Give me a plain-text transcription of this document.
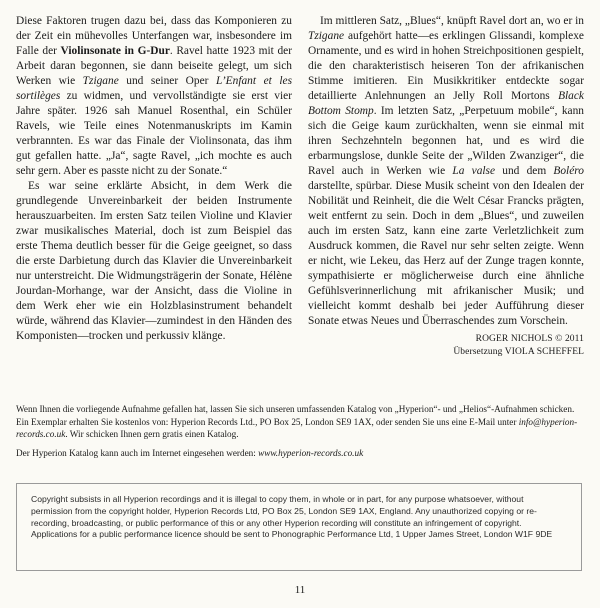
Diese Faktoren trugen dazu bei, dass das Komponieren zu der Zeit ein mühevolles Unterfangen war, insbesondere im Falle der Violinsonate in G-Dur. Ravel hatte 1923 mit der Arbeit daran begonnen, sie dann beiseite gelegt, um sich Werken wie Tzigane und seiner Oper L’Enfant et les sortilèges zu widmen, und vervollständigte sie erst vier Jahre später. 1926 sah Manuel Rosenthal, ein Schüler Ravels, wie Teile eines Notenmanuskripts im Kamin verbrannten. Es war das Finale der Violinsonata, das ihm gut gefallen hatte. „Ja“, sagte Ravel, „ich mochte es auch sehr gern. Aber es passte nicht zu der Sonate.“

Es war seine erklärte Absicht, in dem Werk die grundlegende Unvereinbarkeit der beiden Instrumente herauszuarbeiten. Im ersten Satz teilen Violine und Klavier zwar musikalisches Material, doch ist zum Beispiel das erste Thema deutlich besser für die Geige geeignet, so dass die erste Darbietung durch das Klavier die Unvereinbarkeit nur unterstreicht. Die Widmungsträgerin der Sonate, Hélène Jourdan-Morhange, war der Ansicht, dass die Violine in dem Werk eher wie ein Holzblasinstrument behandelt würde, während das Klavier—zumindest in den Händen des Komponisten—trocken und perkussiv klänge.

Im mittleren Satz, „Blues“, knüpft Ravel dort an, wo er in Tzigane aufgehört hatte—es erklingen Glissandi, komplexe Ornamente, und es wird in hohen Streichpositionen gespielt, die den charakteristisch heiseren Ton der afrikanischen Stimme imitieren. Ein Musikkritiker entdeckte sogar detaillierte Anlehnungen an Jelly Roll Mortons Black Bottom Stomp. Im letzten Satz, „Perpetuum mobile“, kann sich die Geige kaum zurückhalten, wenn sie einmal mit ihren Sechzehnteln begonnen hat, und es wird die erbarmungslose, dunkle Seite der „Wilden Zwanziger“, die Ravel auch in Werken wie La valse und dem Boléro darstellte, spürbar. Diese Musik scheint von den Idealen der Nobilität und Reinheit, die die Welt César Francks prägten, weit entfernt zu sein. Doch in dem „Blues“, und zuweilen auch im ersten Satz, kann eine zarte Verletzlichkeit zum Ausdruck kommen, die Ravel nur sehr selten zeigte. Wenn er nicht, wie Lekeu, das Herz auf der Zunge tragen konnte, sympathisierte er möglicherweise durch eine ähnliche Gefühlsverinnerlichung mit afrikanischer Musik; und vielleicht kommt deshalb bei jeder Aufführung dieser Sonate etwas Neues und Überraschendes zum Vorschein.

ROGER NICHOLS © 2011
Übersetzung VIOLA SCHEFFEL

Wenn Ihnen die vorliegende Aufnahme gefallen hat, lassen Sie sich unseren umfassenden Katalog von „Hyperion“- und „Helios“-Aufnahmen schicken. Ein Exemplar erhalten Sie kostenlos von: Hyperion Records Ltd., PO Box 25, London SE9 1AX, oder senden Sie uns eine E-Mail unter info@hyperion-records.co.uk. Wir schicken Ihnen gern gratis einen Katalog.

Der Hyperion Katalog kann auch im Internet eingesehen werden: www.hyperion-records.co.uk

Copyright subsists in all Hyperion recordings and it is illegal to copy them, in whole or in part, for any purpose whatsoever, without permission from the copyright holder, Hyperion Records Ltd, PO Box 25, London SE9 1AX, England. Any unauthorized copying or re-recording, broadcasting, or public performance of this or any other Hyperion recording will constitute an infringement of copyright. Applications for a public performance licence should be sent to Phonographic Performance Ltd, 1 Upper James Street, London W1F 9DE
11
